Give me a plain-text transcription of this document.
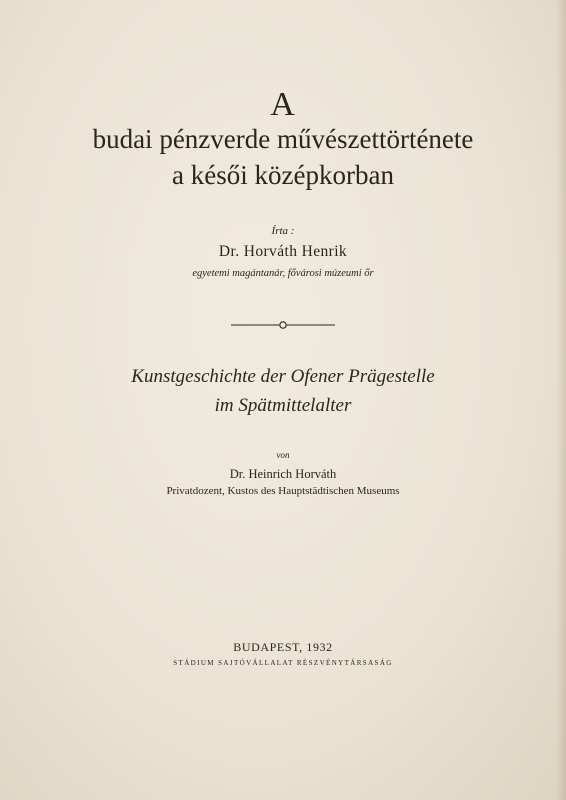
A
budai pénzverde művészettörténete
a késői középkorban
Írta :
Dr. Horváth Henrik
egyetemi magántanár, fővárosi múzeumi őr
Kunstgeschichte der Ofener Prägestelle
im Spätmittelalter
von
Dr. Heinrich Horváth
Privatdozent, Kustos des Hauptstädtischen Museums
BUDAPEST, 1932
STÁDIUM SAJTÓVÁLLALAT RÉSZVÉNYTÁRSASÁG
